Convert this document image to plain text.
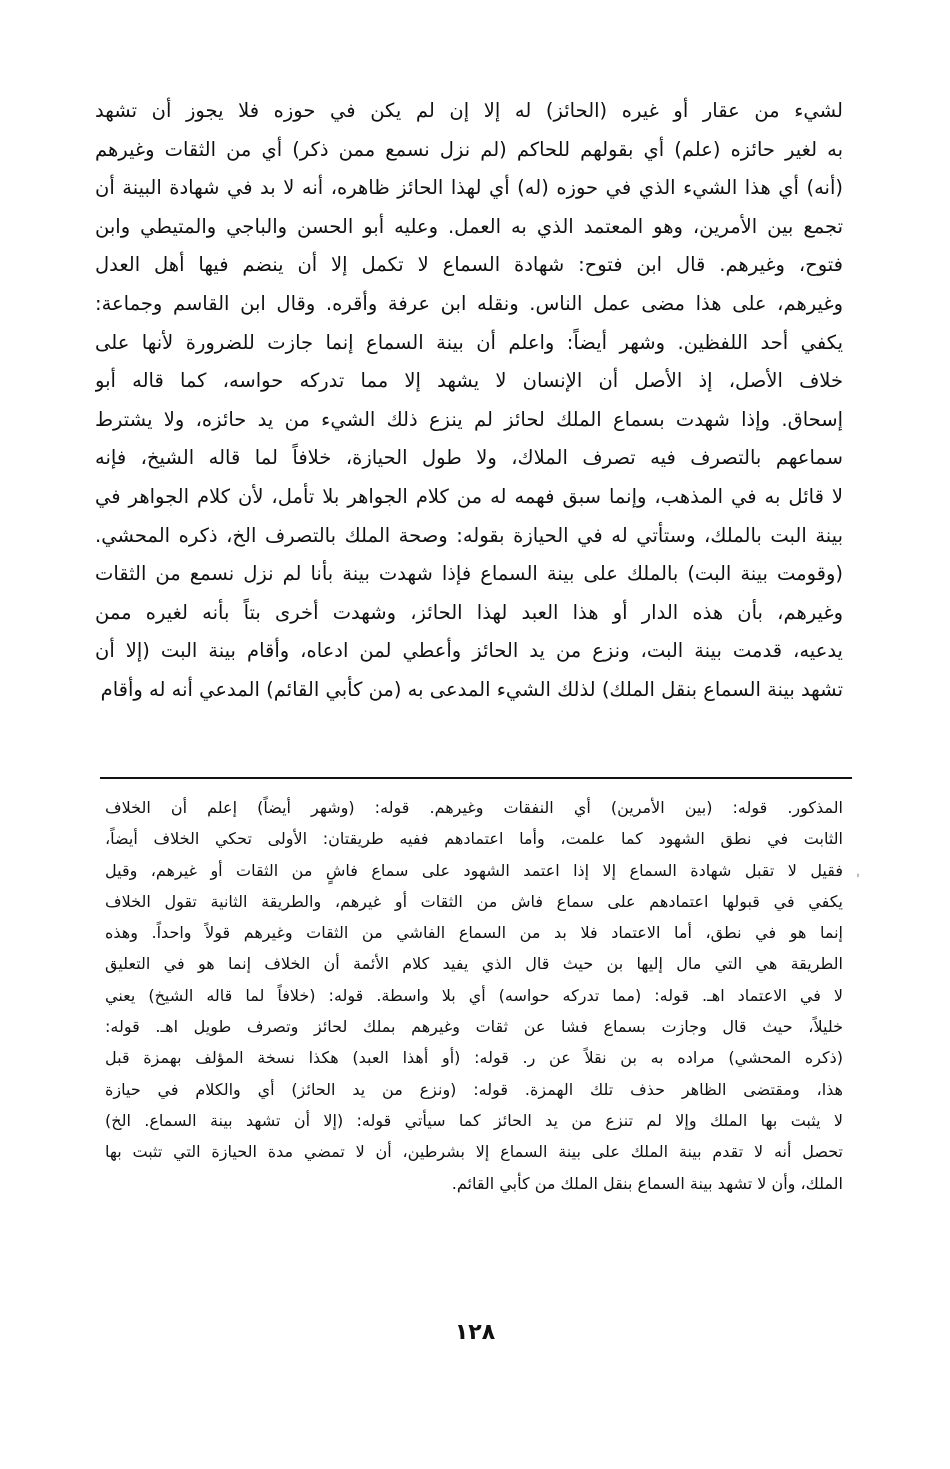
لشيء من عقار أو غيره (الحائز) له إلا إن لم يكن في حوزه فلا يجوز أن تشهد
به لغير حائزه (علم) أي بقولهم للحاكم (لم نزل نسمع ممن ذكر) أي من الثقات وغيرهم
(أنه) أي هذا الشيء الذي في حوزه (له) أي لهذا الحائز ظاهره، أنه لا بد في شهادة البينة أن
تجمع بين الأمرين، وهو المعتمد الذي به العمل. وعليه أبو الحسن والباجي والمتيطي وابن
فتوح، وغيرهم. قال ابن فتوح: شهادة السماع لا تكمل إلا أن ينضم فيها أهل العدل
وغيرهم، على هذا مضى عمل الناس. ونقله ابن عرفة وأقره. وقال ابن القاسم وجماعة:
يكفي أحد اللفظين. وشهر أيضاً: واعلم أن بينة السماع إنما جازت للضرورة لأنها على
خلاف الأصل، إذ الأصل أن الإنسان لا يشهد إلا مما تدركه حواسه، كما قاله أبو
إسحاق. وإذا شهدت بسماع الملك لحائز لم ينزع ذلك الشيء من يد حائزه، ولا يشترط
سماعهم بالتصرف فيه تصرف الملاك، ولا طول الحيازة، خلافاً لما قاله الشيخ، فإنه
لا قائل به في المذهب، وإنما سبق فهمه له من كلام الجواهر بلا تأمل، لأن كلام الجواهر في
بينة البت بالملك، وستأتي له في الحيازة بقوله: وصحة الملك بالتصرف الخ، ذكره المحشي.
(وقومت بينة البت) بالملك على بينة السماع فإذا شهدت بينة بأنا لم نزل نسمع من الثقات
وغيرهم، بأن هذه الدار أو هذا العبد لهذا الحائز، وشهدت أخرى بتاً بأنه لغيره ممن
يدعيه، قدمت بينة البت، ونزع من يد الحائز وأعطي لمن ادعاه، وأقام بينة البت (إلا أن
تشهد بينة السماع بنقل الملك) لذلك الشيء المدعى به (من كأبي القائم) المدعي أنه له وأقام
المذكور. قوله: (بين الأمرين) أي النفقات وغيرهم. قوله: (وشهر أيضاً) إعلم أن الخلاف
الثابت في نطق الشهود كما علمت، وأما اعتمادهم ففيه طريقتان: الأولى تحكي الخلاف أيضاً،
فقيل لا تقبل شهادة السماع إلا إذا اعتمد الشهود على سماع فاشٍ من الثقات أو غيرهم، وقيل
يكفي في قبولها اعتمادهم على سماع فاش من الثقات أو غيرهم، والطريقة الثانية تقول الخلاف
إنما هو في نطق، أما الاعتماد فلا بد من السماع الفاشي من الثقات وغيرهم قولاً واحداً. وهذه
الطريقة هي التي مال إليها بن حيث قال الذي يفيد كلام الأئمة أن الخلاف إنما هو في التعليق
لا في الاعتماد اهـ. قوله: (مما تدركه حواسه) أي بلا واسطة. قوله: (خلافاً لما قاله الشيخ) يعني
خليلاً، حيث قال وجازت بسماع فشا عن ثقات وغيرهم بملك لحائز وتصرف طويل اهـ. قوله:
(ذكره المحشي) مراده به بن نقلاً عن ر. قوله: (أو أهذا العبد) هكذا نسخة المؤلف بهمزة قبل
هذا، ومقتضى الظاهر حذف تلك الهمزة. قوله: (ونزع من يد الحائز) أي والكلام في حيازة
لا يثبت بها الملك وإلا لم تنزع من يد الحائز كما سيأتي قوله: (إلا أن تشهد بينة السماع. الخ)
تحصل أنه لا تقدم بينة الملك على بينة السماع إلا بشرطين، أن لا تمضي مدة الحيازة التي تثبت بها
الملك، وأن لا تشهد بينة السماع بنقل الملك من كأبي القائم.
١٢٨
